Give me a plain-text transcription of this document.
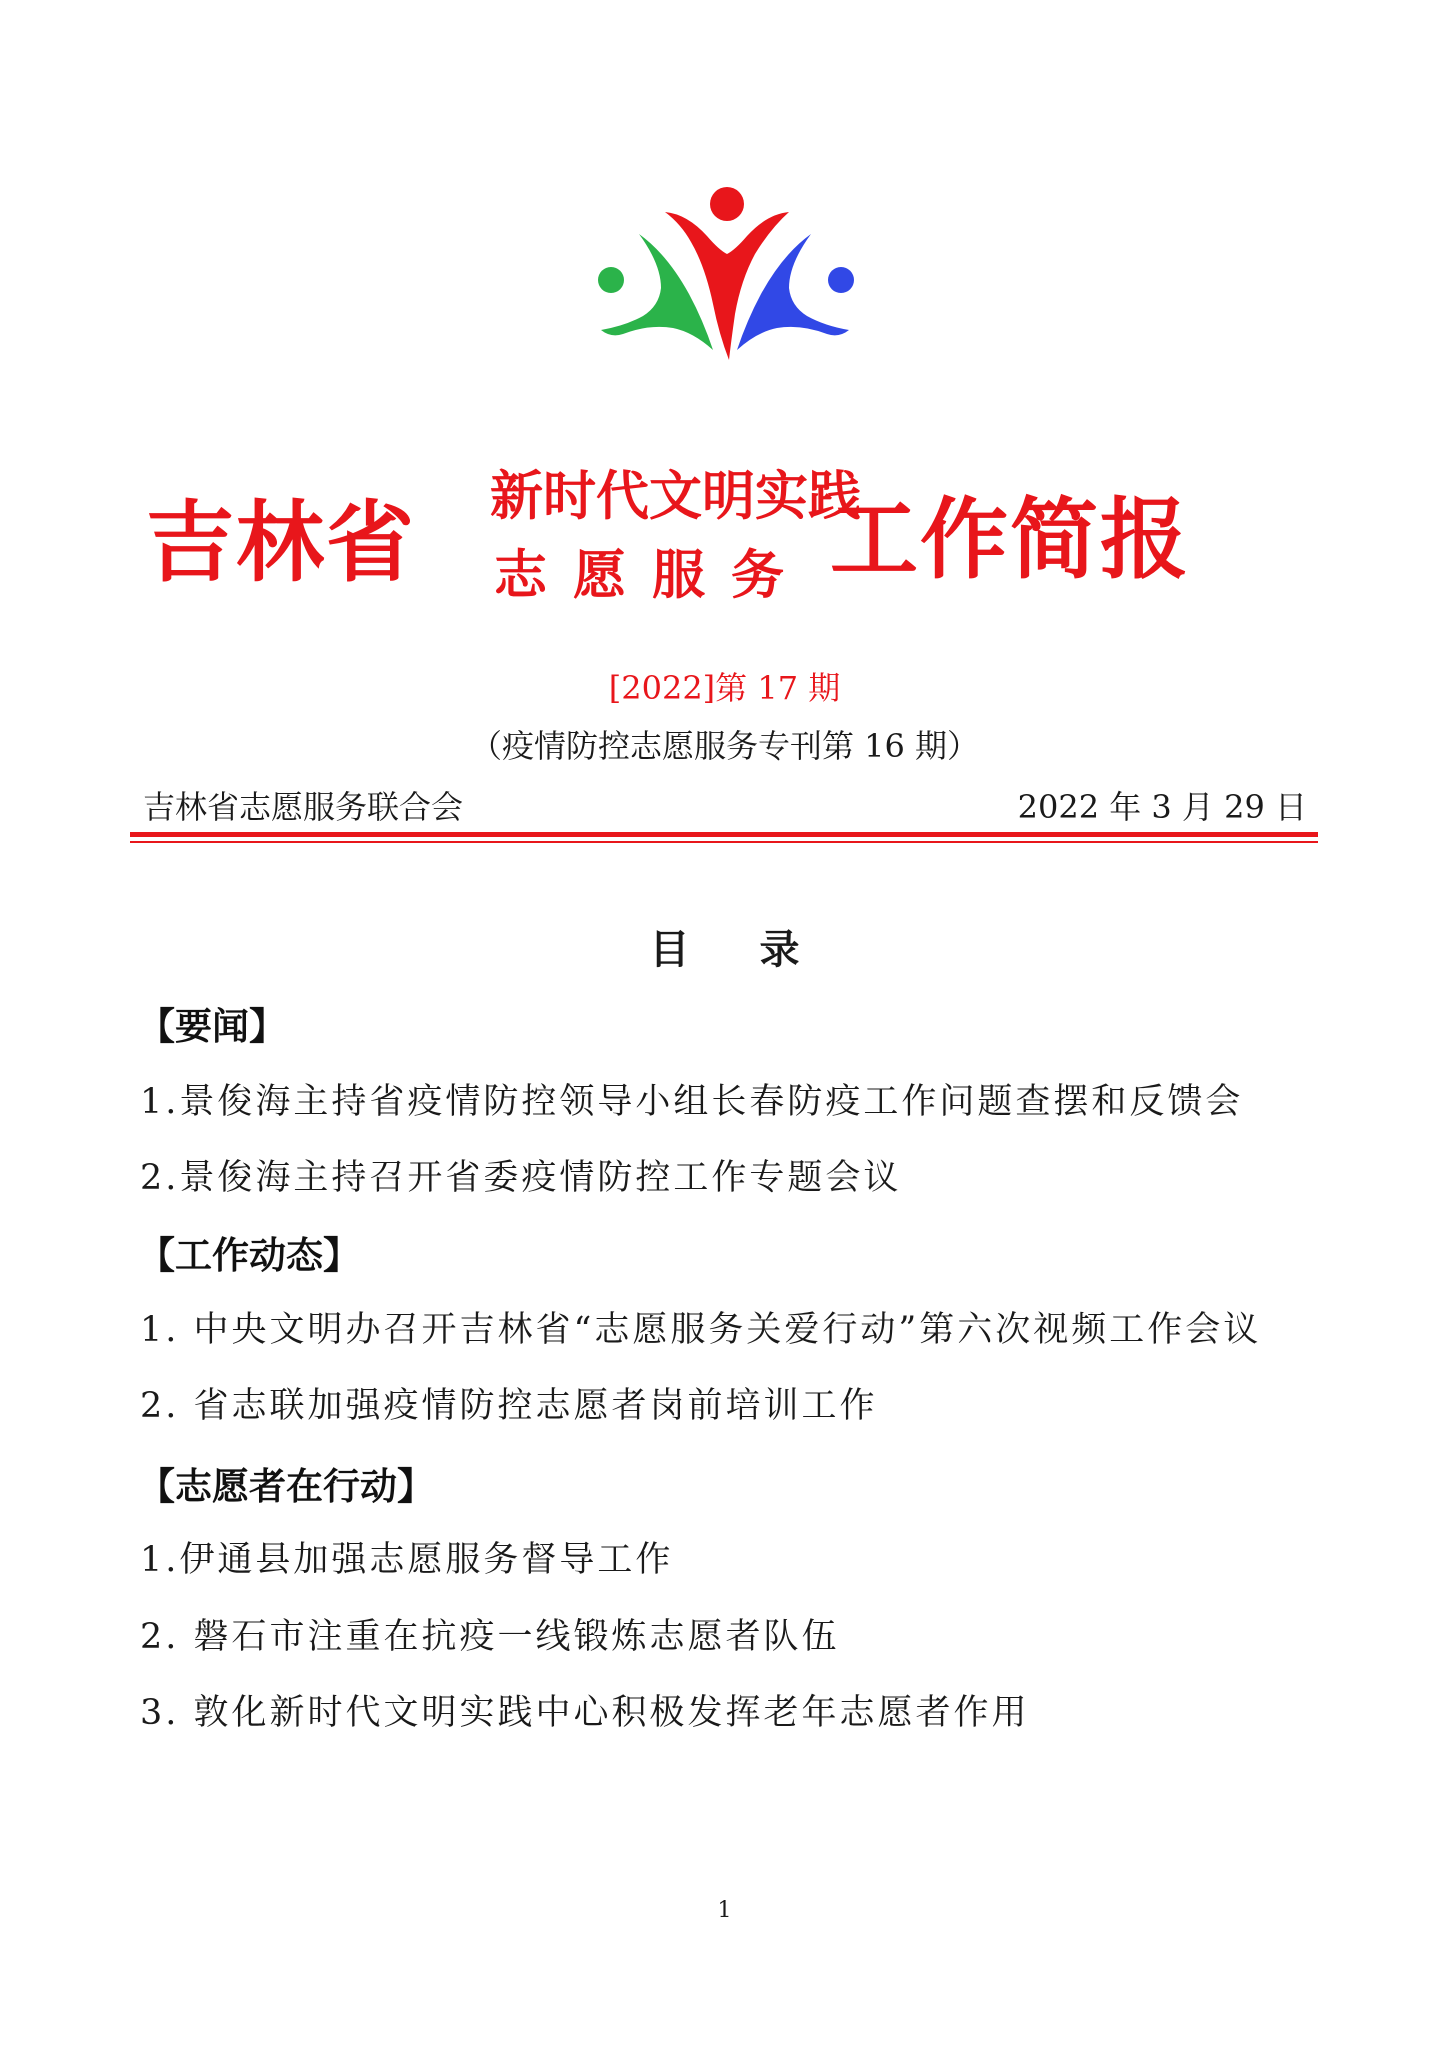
吉林省 新时代文明实践
志愿服务 工作简报
[2022]第 17 期
（疫情防控志愿服务专刊第 16 期）
吉林省志愿服务联合会	2022 年 3 月 29 日
目录
【要闻】
1.景俊海主持省疫情防控领导小组长春防疫工作问题查摆和反馈会
2.景俊海主持召开省委疫情防控工作专题会议
【工作动态】
1. 中央文明办召开吉林省“志愿服务关爱行动”第六次视频工作会议
2. 省志联加强疫情防控志愿者岗前培训工作
【志愿者在行动】
1.伊通县加强志愿服务督导工作
2. 磐石市注重在抗疫一线锻炼志愿者队伍
3. 敦化新时代文明实践中心积极发挥老年志愿者作用
1
